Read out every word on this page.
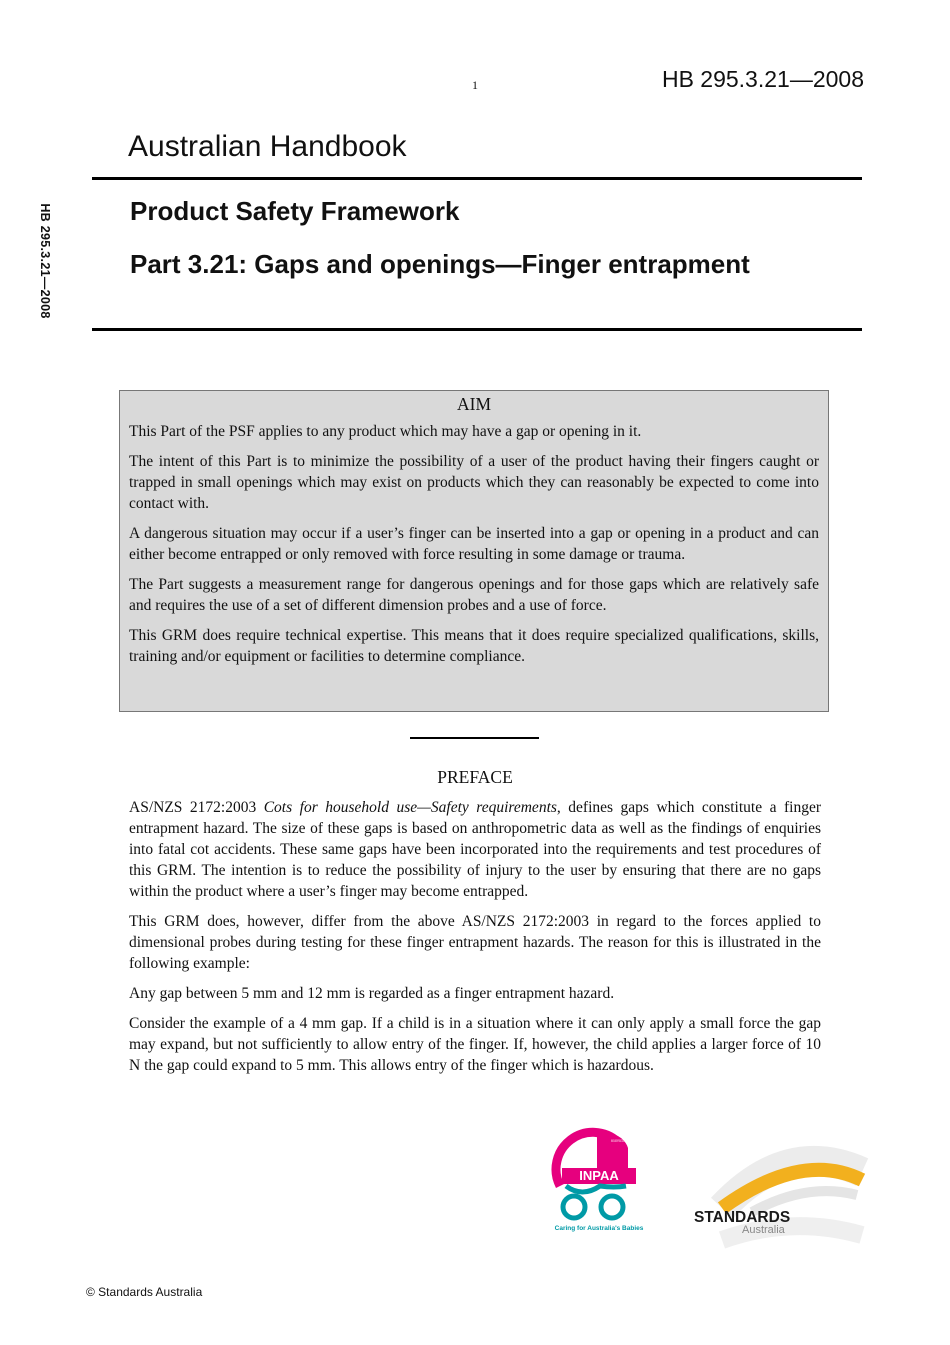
1	HB 295.3.21—2008
HB 295.3.21—2008
Australian Handbook
Product Safety Framework
Part 3.21: Gaps and openings—Finger entrapment
AIM

This Part of the PSF applies to any product which may have a gap or opening in it.

The intent of this Part is to minimize the possibility of a user of the product having their fingers caught or trapped in small openings which may exist on products which they can reasonably be expected to come into contact with.

A dangerous situation may occur if a user’s finger can be inserted into a gap or opening in a product and can either become entrapped or only removed with force resulting in some damage or trauma.

The Part suggests a measurement range for dangerous openings and for those gaps which are relatively safe and requires the use of a set of different dimension probes and a use of force.

This GRM does require technical expertise. This means that it does require specialized qualifications, skills, training and/or equipment or facilities to determine compliance.

PREFACE

AS/NZS 2172:2003 Cots for household use—Safety requirements, defines gaps which constitute a finger entrapment hazard. The size of these gaps is based on anthropometric data as well as the findings of enquiries into fatal cot accidents. These same gaps have been incorporated into the requirements and test procedures of this GRM. The intention is to reduce the possibility of injury to the user by ensuring that there are no gaps within the product where a user’s finger may become entrapped.

This GRM does, however, differ from the above AS/NZS 2172:2003 in regard to the forces applied to dimensional probes during testing for these finger entrapment hazards. The reason for this is illustrated in the following example:

Any gap between 5 mm and 12 mm is regarded as a finger entrapment hazard.

Consider the example of a 4 mm gap. If a child is in a situation where it can only apply a small force the gap may expand, but not sufficiently to allow entry of the finger. If, however, the child applies a larger force of 10 N the gap could expand to 5 mm. This allows entry of the finger which is hazardous.

INPAA
INFANT & NURSERY PRODUCTS ASSOCIATION OF AUSTRALIA
Caring for Australia's Babies
STANDARDS
Australia
© Standards Australia
